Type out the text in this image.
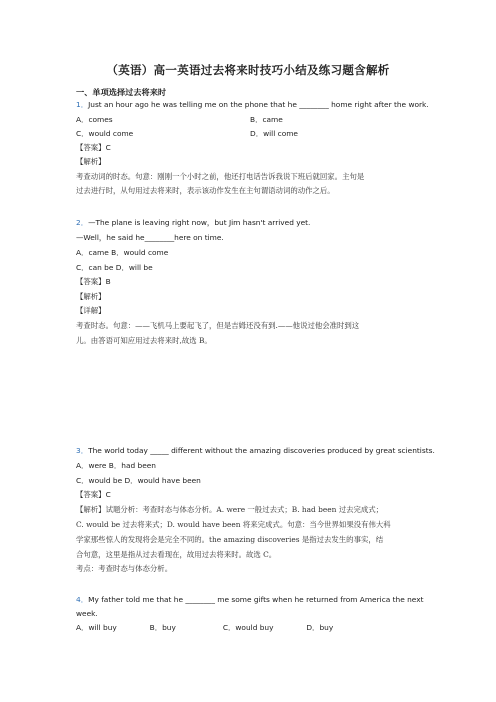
（英语）高一英语过去将来时技巧小结及练习题含解析
一、单项选择过去将来时
1．Just an hour ago he was telling me on the phone that he ________ home right after the work.
A．comes	B．came
C．would come	D．will come
【答案】C
【解析】
考查动词的时态。句意：刚刚一个小时之前，他还打电话告诉我说下班后就回家。主句是
过去进行时，从句用过去将来时，表示该动作发生在主句谓语动词的动作之后。
2．—The plane is leaving right now，but Jim hasn't arrived yet.
—Well，he said he________here on time.
A．came B．would come
C．can be D．will be
【答案】B
【解析】
【详解】
考查时态。句意：——飞机马上要起飞了，但是吉姆还没有到.——他说过他会准时到这
儿。由答语可知应用过去将来时,故选 B。
3．The world today _____ different without the amazing discoveries produced by great scientists.
A．were B．had been
C．would be D．would have been
【答案】C
【解析】试题分析：考查时态与体态分析。A. were 一般过去式；B. had been 过去完成式；
C. would be 过去将来式；D. would have been 将来完成式。句意：当今世界如果没有伟大科
学家那些惊人的发现将会是完全不同的。the amazing discoveries 是指过去发生的事实，结
合句意，这里是指从过去看现在，故用过去将来时。故选 C。
考点：考查时态与体态分析。
4．My father told me that he ________ me some gifts when he returned from America the next
week.
A．will buy              B．buy                    C．would buy              D．buy
